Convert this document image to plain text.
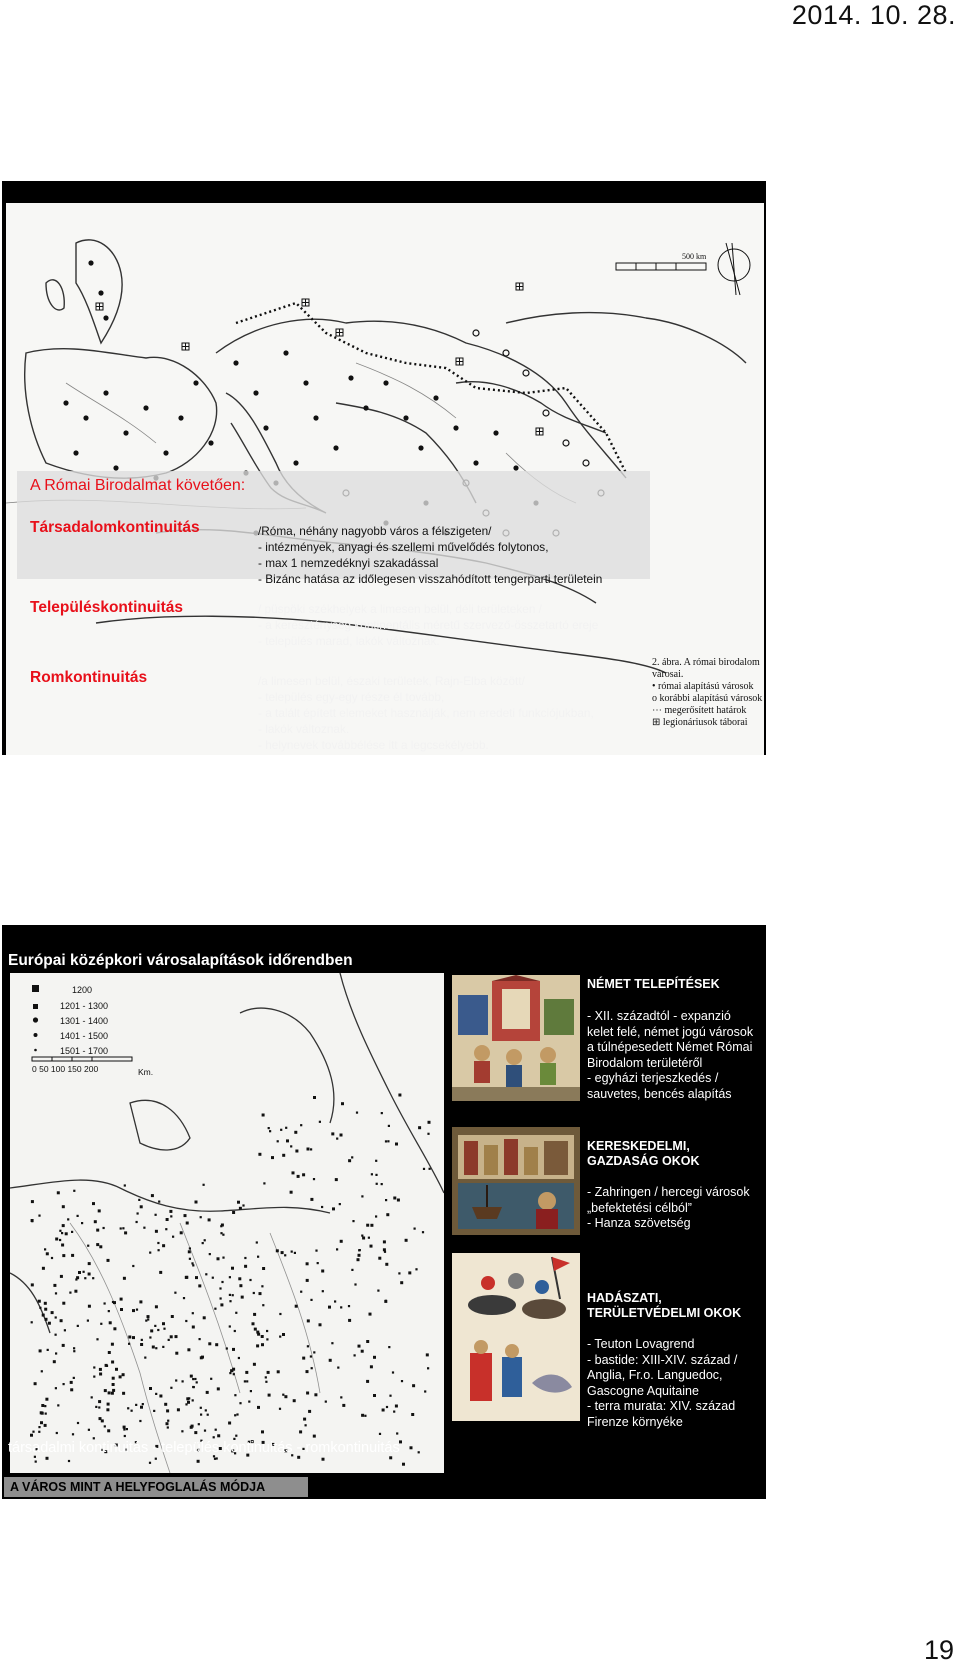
2014. 10. 28.
500 km
2. ábra. A római birodalom városai.
• római alapítású városok
o korábbi alapítású városok
⋯ megerősített határok
⊞ legionáriusok táborai
A Római Birodalmat követően:
Társadalomkontinuitás	/Róma, néhány nagyobb város a félszigeten/
- intézmények, anyagi és szellemi művelődés folytonos,
- max 1 nemzedéknyi szakadással
- Bizánc hatása az időlegesen visszahódított tengerparti területein
Településkontinuitás	/ püspöki székhelyek a limesen belül, déli területeken /
- a kereszténység kontinentális méretű szervező-összetartó ereje
- település marad, lakók változnak.
Romkontinuitás	/a limesen belül, északi területek, Rajn-Elba között/
- település egy-egy része él tovább,
- a talált épített elemeket használják, nem eredeti funkciójukban,
- lakók változnak.
- helynevek továbbélése itt a legcsekélyebb.
Európai középkori városalapítások időrendben
1200
1201 - 1300
1301 - 1400
1401 - 1500
1501 - 1700
0 50 100 150 200	Km.
NÉMET TELEPÍTÉSEK
- XII. századtól - expanzió
kelet felé, német jogú városok
a túlnépesedett Német Római
Birodalom területéről
- egyházi terjeszkedés /
sauvetes, bencés alapítás
KERESKEDELMI,
GAZDASÁG OKOK
- Zahringen / hercegi városok
„befektetési célból”
- Hanza szövetség
HADÁSZATI,
TERÜLETVÉDELMI OKOK
- Teuton Lovagrend
- bastide: XIII-XIV. század /
Anglia, Fr.o. Languedoc,
Gascogne Aquitaine
- terra murata: XIV. század
Firenze környéke
társadalmi kontinuitás - település kontinuitás - romkontinuitás
A VÁROS MINT A HELYFOGLALÁS MÓDJA
19
